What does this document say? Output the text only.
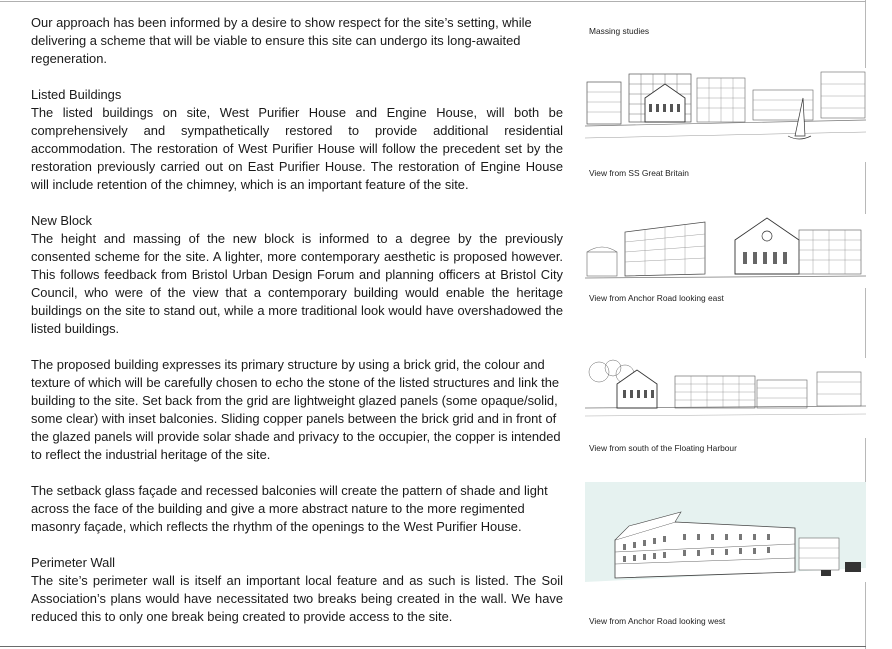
Our approach has been informed by a desire to show respect for the site’s setting, while delivering a scheme that will be viable to ensure this site can undergo its long-awaited regeneration.

Listed Buildings

The listed buildings on site, West Purifier House and Engine House, will both be comprehensively and sympathetically restored to provide additional residential accommodation. The restoration of West Purifier House will follow the precedent set by the restoration previously carried out on East Purifier House. The restoration of Engine House will include retention of the chimney, which is an important feature of the site.

New Block

The height and massing of the new block is informed to a degree by the previously consented scheme for the site. A lighter, more contemporary aesthetic is proposed however. This follows feedback from Bristol Urban Design Forum and planning officers at Bristol City Council, who were of the view that a contemporary building would enable the heritage buildings on the site to stand out, while a more traditional look would have overshadowed the listed buildings.

The proposed building expresses its primary structure by using a brick grid, the colour and texture of which will be carefully chosen to echo the stone of the listed structures and link the building to the site. Set back from the grid are lightweight glazed panels (some opaque/solid, some clear) with inset balconies. Sliding copper panels between the brick grid and in front of the glazed panels will provide solar shade and privacy to the occupier, the copper is intended to reflect the industrial heritage of the site.

The setback glass façade and recessed balconies will create the pattern of shade and light across the face of the building and give a more abstract nature to the more regimented masonry façade, which reflects the rhythm of the openings to the West Purifier House.

Perimeter Wall

The site’s perimeter wall is itself an important local feature and as such is listed. The Soil Association’s plans would have necessitated two breaks being created in the wall. We have reduced this to only one break being created to provide access to the site.

Massing studies
View from SS Great Britain
View from Anchor Road looking east
View from south of the Floating Harbour
View from Anchor Road looking west
